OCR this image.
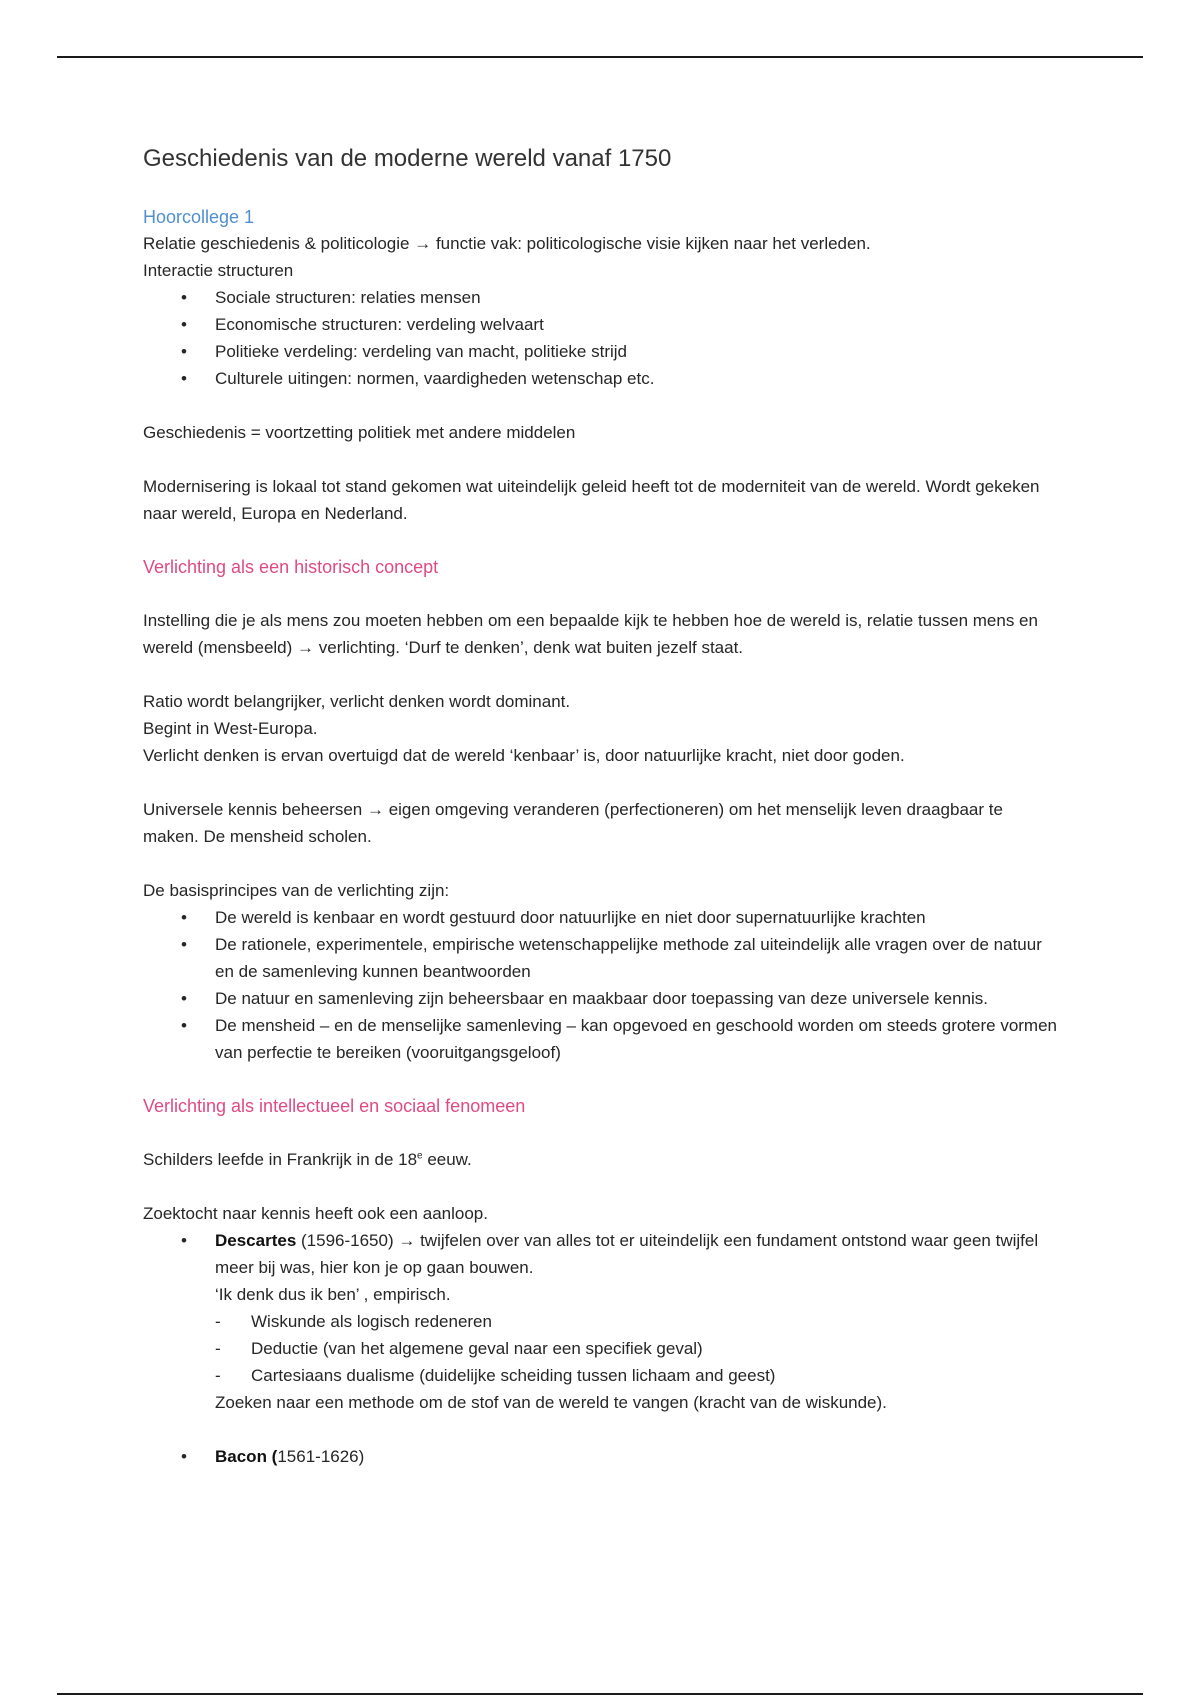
Geschiedenis van de moderne wereld vanaf 1750
Hoorcollege 1

Relatie geschiedenis & politicologie → functie vak: politicologische visie kijken naar het verleden.

Interactie structuren

• Sociale structuren: relaties mensen
• Economische structuren: verdeling welvaart
• Politieke verdeling: verdeling van macht, politieke strijd
• Culturele uitingen: normen, vaardigheden wetenschap etc.

Geschiedenis = voortzetting politiek met andere middelen

Modernisering is lokaal tot stand gekomen wat uiteindelijk geleid heeft tot de moderniteit van de wereld. Wordt gekeken naar wereld, Europa en Nederland.

Verlichting als een historisch concept

Instelling die je als mens zou moeten hebben om een bepaalde kijk te hebben hoe de wereld is, relatie tussen mens en wereld (mensbeeld) → verlichting. ‘Durf te denken’, denk wat buiten jezelf staat.

Ratio wordt belangrijker, verlicht denken wordt dominant.

Begint in West-Europa.

Verlicht denken is ervan overtuigd dat de wereld ‘kenbaar’ is, door natuurlijke kracht, niet door goden.

Universele kennis beheersen → eigen omgeving veranderen (perfectioneren) om het menselijk leven draagbaar te maken. De mensheid scholen.

De basisprincipes van de verlichting zijn:

• De wereld is kenbaar en wordt gestuurd door natuurlijke en niet door supernatuurlijke krachten
• De rationele, experimentele, empirische wetenschappelijke methode zal uiteindelijk alle vragen over de natuur en de samenleving kunnen beantwoorden
• De natuur en samenleving zijn beheersbaar en maakbaar door toepassing van deze universele kennis.
• De mensheid – en de menselijke samenleving – kan opgevoed en geschoold worden om steeds grotere vormen van perfectie te bereiken (vooruitgangsgeloof)
Verlichting als intellectueel en sociaal fenomeen

Schilders leefde in Frankrijk in de 18e eeuw.

Zoektocht naar kennis heeft ook een aanloop.

• Descartes (1596-1650) → twijfelen over van alles tot er uiteindelijk een fundament ontstond waar geen twijfel meer bij was, hier kon je op gaan bouwen.
‘Ik denk dus ik ben’ , empirisch.
- Wiskunde als logisch redeneren
- Deductie (van het algemene geval naar een specifiek geval)
- Cartesiaans dualisme (duidelijke scheiding tussen lichaam and geest)
Zoeken naar een methode om de stof van de wereld te vangen (kracht van de wiskunde).
• Bacon (1561-1626)
